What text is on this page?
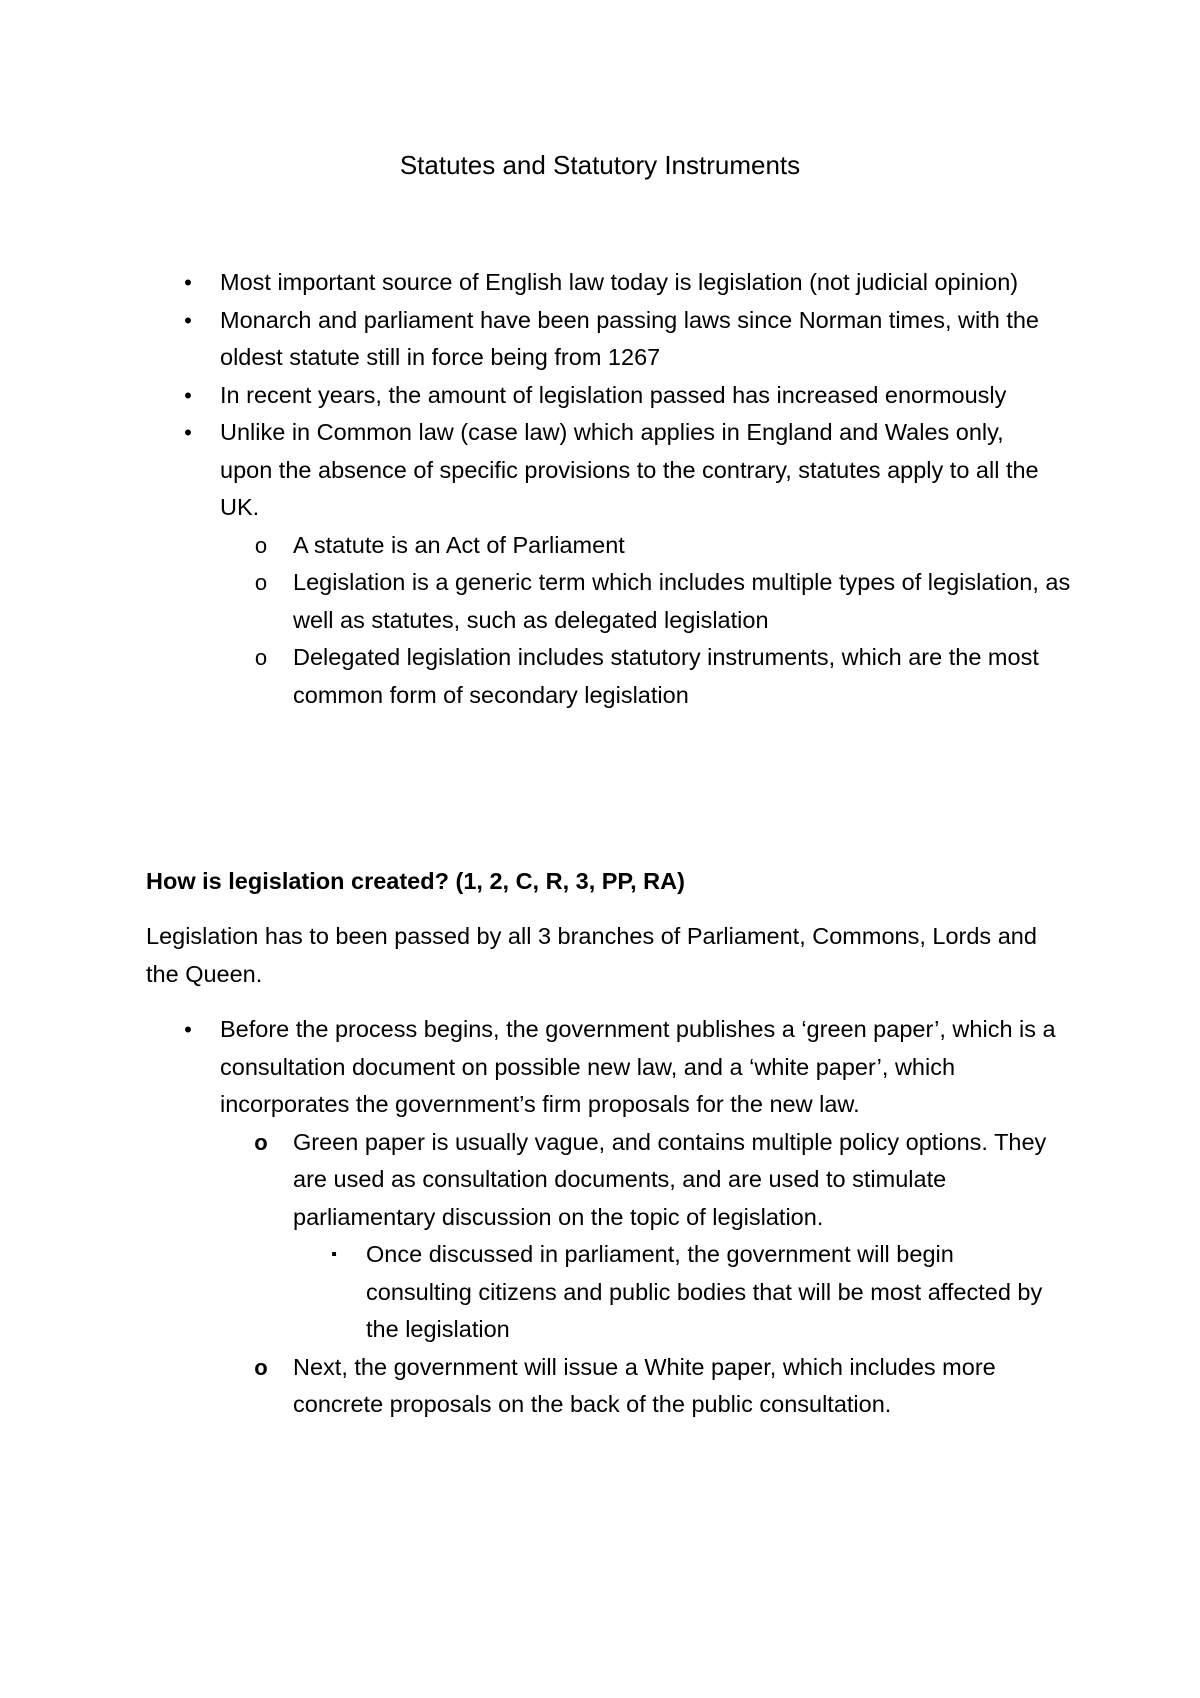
Statutes and Statutory Instruments
• Most important source of English law today is legislation (not judicial opinion)
• Monarch and parliament have been passing laws since Norman times, with the oldest statute still in force being from 1267
• In recent years, the amount of legislation passed has increased enormously
• Unlike in Common law (case law) which applies in England and Wales only, upon the absence of specific provisions to the contrary, statutes apply to all the UK.
o A statute is an Act of Parliament
o Legislation is a generic term which includes multiple types of legislation, as well as statutes, such as delegated legislation
o Delegated legislation includes statutory instruments, which are the most common form of secondary legislation
How is legislation created? (1, 2, C, R, 3, PP, RA)
Legislation has to been passed by all 3 branches of Parliament, Commons, Lords and the Queen.
• Before the process begins, the government publishes a ‘green paper’, which is a consultation document on possible new law, and a ‘white paper’, which incorporates the government’s firm proposals for the new law.
o Green paper is usually vague, and contains multiple policy options. They are used as consultation documents, and are used to stimulate parliamentary discussion on the topic of legislation.
▪	Once discussed in parliament, the government will begin consulting citizens and public bodies that will be most affected by the legislation
o Next, the government will issue a White paper, which includes more concrete proposals on the back of the public consultation.
